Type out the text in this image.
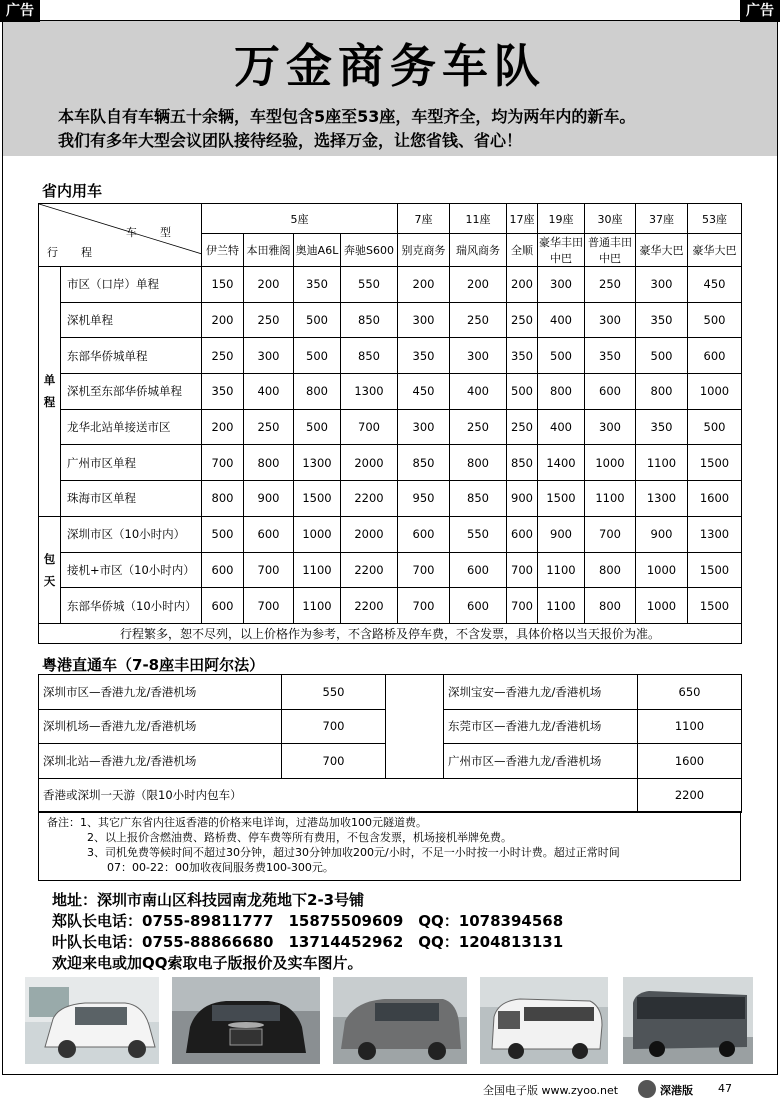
广告	广告
万金商务车队
本车队自有车辆五十余辆，车型包含5座至53座，车型齐全，均为两年内的新车。
我们有多年大型会议团队接待经验，选择万金，让您省钱、省心！
省内用车
行　程
车　型		5座				7座	11座	17座	19座	30座	37座	53座
		伊兰特	本田雅阁	奥迪A6L	奔驰S600	别克商务	瑞风商务	全顺	豪华丰田中巴	普通丰田中巴	豪华大巴	豪华大巴
单程	市区（口岸）单程	150	200	350	550	200	200	200	300	250	300	450
	深机单程	200	250	500	850	300	250	250	400	300	350	500
	东部华侨城单程	250	300	500	850	350	300	350	500	350	500	600
	深机至东部华侨城单程	350	400	800	1300	450	400	500	800	600	800	1000
	龙华北站单接送市区	200	250	500	700	300	250	250	400	300	350	500
	广州市区单程	700	800	1300	2000	850	800	850	1400	1000	1100	1500
	珠海市区单程	800	900	1500	2200	950	850	900	1500	1100	1300	1600
包天	深圳市区（10小时内）	500	600	1000	2000	600	550	600	900	700	900	1300
	接机+市区（10小时内）	600	700	1100	2200	700	600	700	1100	800	1000	1500
	东部华侨城（10小时内）	600	700	1100	2200	700	600	700	1100	800	1000	1500
行程繁多，恕不尽列，以上价格作为参考，不含路桥及停车费，不含发票，具体价格以当天报价为准。												
粤港直通车（7-8座丰田阿尔法）
深圳市区—香港九龙/香港机场	550		深圳宝安—香港九龙/香港机场	650
深圳机场—香港九龙/香港机场	700		东莞市区—香港九龙/香港机场	1100
深圳北站—香港九龙/香港机场	700		广州市区—香港九龙/香港机场	1600
香港或深圳一天游（限10小时内包车）				2200
备注：1、其它广东省内往返香港的价格来电详询，过港岛加收100元隧道费。
2、以上报价含燃油费、路桥费、停车费等所有费用，不包含发票，机场接机举牌免费。
3、司机免费等候时间不超过30分钟，超过30分钟加收200元/小时，不足一小时按一小时计费。超过正常时间
07：00-22：00加收夜间服务费100-300元。
地址：深圳市南山区科技园南龙苑地下2-3号铺
郑队长电话：0755-89811777　15875509609　QQ：1078394568
叶队长电话：0755-88866680　13714452962　QQ：1204813131
欢迎来电或加QQ索取电子版报价及实车图片。
全国电子版 www.zyoo.net	深港版 47
